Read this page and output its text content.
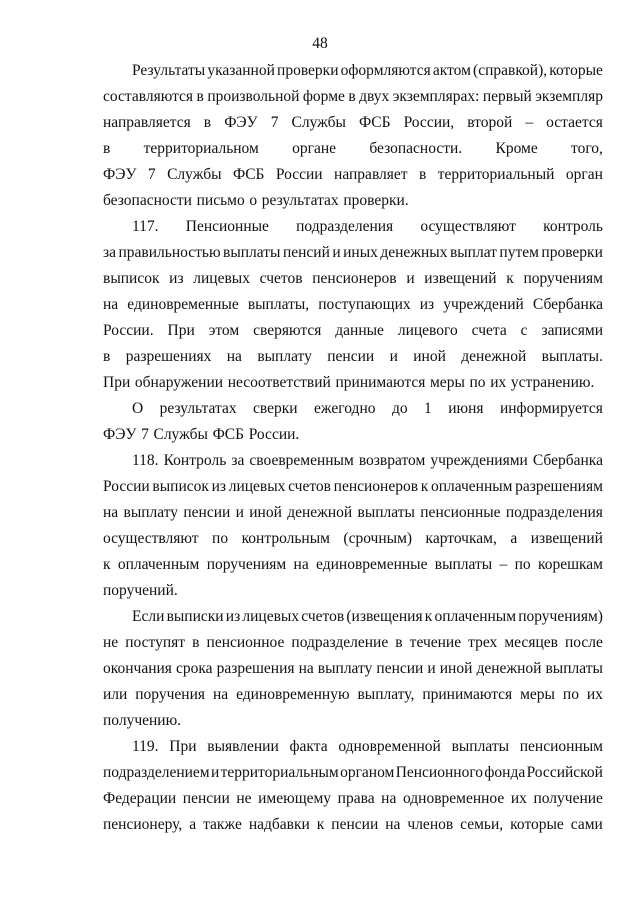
48
Результаты указанной проверки оформляются актом (справкой), которые
составляются в произвольной форме в двух экземплярах: первый экземпляр
направляется в ФЭУ 7 Службы ФСБ России, второй – остается
в территориальном органе безопасности. Кроме того,
ФЭУ 7 Службы ФСБ России направляет в территориальный орган
безопасности письмо о результатах проверки.
117. Пенсионные подразделения осуществляют контроль
за правильностью выплаты пенсий и иных денежных выплат путем проверки
выписок из лицевых счетов пенсионеров и извещений к поручениям
на единовременные выплаты, поступающих из учреждений Сбербанка
России. При этом сверяются данные лицевого счета с записями
в разрешениях на выплату пенсии и иной денежной выплаты.
При обнаружении несоответствий принимаются меры по их устранению.
О результатах сверки ежегодно до 1 июня информируется
ФЭУ 7 Службы ФСБ России.
118. Контроль за своевременным возвратом учреждениями Сбербанка
России выписок из лицевых счетов пенсионеров к оплаченным разрешениям
на выплату пенсии и иной денежной выплаты пенсионные подразделения
осуществляют по контрольным (срочным) карточкам, а извещений
к оплаченным поручениям на единовременные выплаты – по корешкам
поручений.
Если выписки из лицевых счетов (извещения к оплаченным поручениям)
не поступят в пенсионное подразделение в течение трех месяцев после
окончания срока разрешения на выплату пенсии и иной денежной выплаты
или поручения на единовременную выплату, принимаются меры по их
получению.
119. При выявлении факта одновременной выплаты пенсионным
подразделением и территориальным органом Пенсионного фонда Российской
Федерации пенсии не имеющему права на одновременное их получение
пенсионеру, а также надбавки к пенсии на членов семьи, которые сами
